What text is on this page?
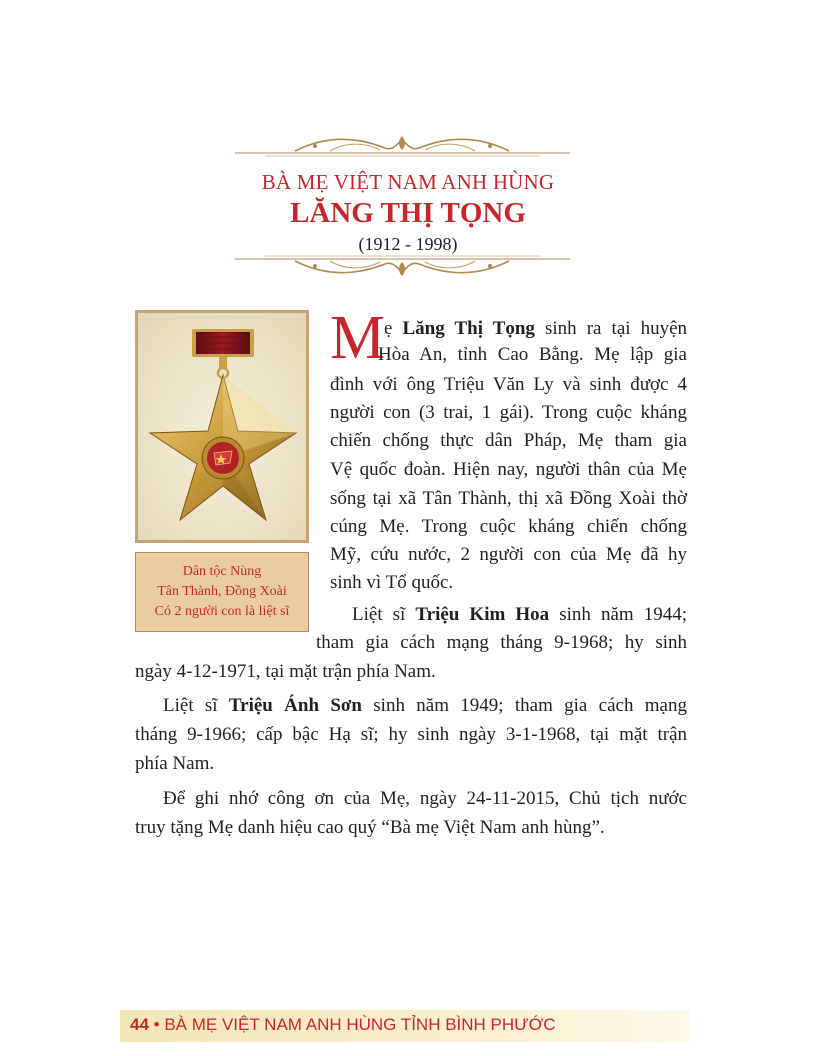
BÀ MẸ VIỆT NAM ANH HÙNG
LĂNG THỊ TỌNG
(1912 - 1998)
Dân tộc Nùng
Tân Thành, Đồng Xoài
Có 2 người con là liệt sĩ
M
ẹ Lăng Thị Tọng sinh ra tại huyện
Hòa An, tỉnh Cao Bằng. Mẹ lập gia
đình với ông Triệu Văn Ly và sinh được 4
người con (3 trai, 1 gái). Trong cuộc kháng
chiến chống thực dân Pháp, Mẹ tham gia
Vệ quốc đoàn. Hiện nay, người thân của Mẹ
sống tại xã Tân Thành, thị xã Đồng Xoài thờ
cúng Mẹ. Trong cuộc kháng chiến chống
Mỹ, cứu nước, 2 người con của Mẹ đã hy
sinh vì Tổ quốc.
Liệt sĩ Triệu Kim Hoa sinh năm 1944;
tham gia cách mạng tháng 9-1968; hy sinh
ngày 4-12-1971, tại mặt trận phía Nam.
Liệt sĩ Triệu Ánh Sơn sinh năm 1949; tham gia cách mạng
tháng 9-1966; cấp bậc Hạ sĩ; hy sinh ngày 3-1-1968, tại mặt trận
phía Nam.
Để ghi nhớ công ơn của Mẹ, ngày 24-11-2015, Chủ tịch nước
truy tặng Mẹ danh hiệu cao quý “Bà mẹ Việt Nam anh hùng”.
44 • BÀ MẸ VIỆT NAM ANH HÙNG TỈNH BÌNH PHƯỚC
